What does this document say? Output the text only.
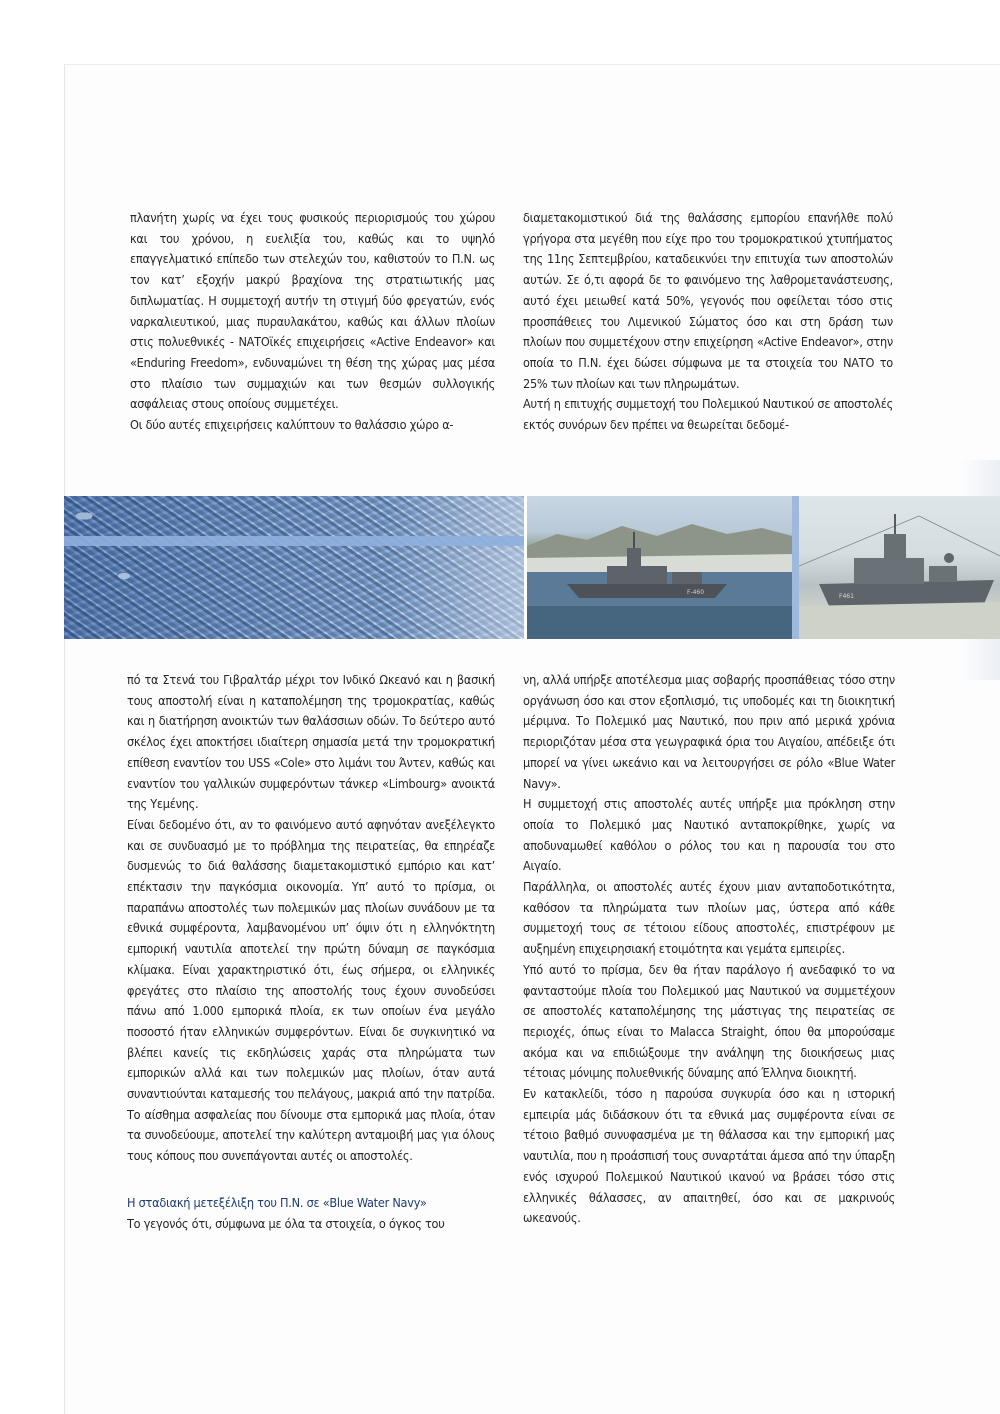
πλανήτη χωρίς να έχει τους φυσικούς περιορισμούς του χώρου και του χρόνου, η ευελιξία του, καθώς και το υψηλό επαγγελματικό επίπεδο των στελεχών του, καθιστούν το Π.Ν. ως τον κατ’ εξοχήν μακρύ βραχίονα της στρατιωτικής μας διπλωματίας. Η συμμετοχή αυτήν τη στιγμή δύο φρεγατών, ενός ναρκαλιευτικού, μιας πυραυλακάτου, καθώς και άλλων πλοίων στις πολυεθνικές - ΝΑΤΟϊκές επιχειρήσεις «Active Endeavor» και «Enduring Freedom», ενδυναμώνει τη θέση της χώρας μας μέσα στο πλαίσιο των συμμαχιών και των θεσμών συλλογικής ασφάλειας στους οποίους συμμετέχει.

Οι δύο αυτές επιχειρήσεις καλύπτουν το θαλάσσιο χώρο α-

διαμετακομιστικού διά της θαλάσσης εμπορίου επανήλθε πολύ γρήγορα στα μεγέθη που είχε προ του τρομοκρατικού χτυπήματος της 11ης Σεπτεμβρίου, καταδεικνύει την επιτυχία των αποστολών αυτών. Σε ό,τι αφορά δε το φαινόμενο της λαθρομετανάστευσης, αυτό έχει μειωθεί κατά 50%, γεγονός που οφείλεται τόσο στις προσπάθειες του Λιμενικού Σώματος όσο και στη δράση των πλοίων που συμμετέχουν στην επιχείρηση «Active Endeavor», στην οποία το Π.Ν. έχει δώσει σύμφωνα με τα στοιχεία του ΝΑΤΟ το 25% των πλοίων και των πληρωμάτων.

Αυτή η επιτυχής συμμετοχή του Πολεμικού Ναυτικού σε αποστολές εκτός συνόρων δεν πρέπει να θεωρείται δεδομέ-

F-460
F461

πό τα Στενά του Γιβραλτάρ μέχρι τον Ινδικό Ωκεανό και η βασική τους αποστολή είναι η καταπολέμηση της τρομοκρατίας, καθώς και η διατήρηση ανοικτών των θαλάσσιων οδών. Το δεύτερο αυτό σκέλος έχει αποκτήσει ιδιαίτερη σημασία μετά την τρομοκρατική επίθεση εναντίον του USS «Cole» στο λιμάνι του Άντεν, καθώς και εναντίον του γαλλικών συμφερόντων τάνκερ «Limbourg» ανοικτά της Υεμένης.

Είναι δεδομένο ότι, αν το φαινόμενο αυτό αφηνόταν ανεξέλεγκτο και σε συνδυασμό με το πρόβλημα της πειρατείας, θα επηρέαζε δυσμενώς το διά θαλάσσης διαμετακομιστικό εμπόριο και κατ’ επέκτασιν την παγκόσμια οικονομία. Υπ’ αυτό το πρίσμα, οι παραπάνω αποστολές των πολεμικών μας πλοίων συνάδουν με τα εθνικά συμφέροντα, λαμβανομένου υπ’ όψιν ότι η ελληνόκτητη εμπορική ναυτιλία αποτελεί την πρώτη δύναμη σε παγκόσμια κλίμακα. Είναι χαρακτηριστικό ότι, έως σήμερα, οι ελληνικές φρεγάτες στο πλαίσιο της αποστολής τους έχουν συνοδεύσει πάνω από 1.000 εμπορικά πλοία, εκ των οποίων ένα μεγάλο ποσοστό ήταν ελληνικών συμφερόντων. Είναι δε συγκινητικό να βλέπει κανείς τις εκδηλώσεις χαράς στα πληρώματα των εμπορικών αλλά και των πολεμικών μας πλοίων, όταν αυτά συναντιούνται καταμεσής του πελάγους, μακριά από την πατρίδα. Το αίσθημα ασφαλείας που δίνουμε στα εμπορικά μας πλοία, όταν τα συνοδεύουμε, αποτελεί την καλύτερη ανταμοιβή μας για όλους τους κόπους που συνεπάγονται αυτές οι αποστολές.

Η σταδιακή μετεξέλιξη του Π.Ν. σε «Blue Water Navy»

Το γεγονός ότι, σύμφωνα με όλα τα στοιχεία, ο όγκος του

νη, αλλά υπήρξε αποτέλεσμα μιας σοβαρής προσπάθειας τόσο στην οργάνωση όσο και στον εξοπλισμό, τις υποδομές και τη διοικητική μέριμνα. Το Πολεμικό μας Ναυτικό, που πριν από μερικά χρόνια περιοριζόταν μέσα στα γεωγραφικά όρια του Αιγαίου, απέδειξε ότι μπορεί να γίνει ωκεάνιο και να λειτουργήσει σε ρόλο «Blue Water Navy».

Η συμμετοχή στις αποστολές αυτές υπήρξε μια πρόκληση στην οποία το Πολεμικό μας Ναυτικό ανταποκρίθηκε, χωρίς να αποδυναμωθεί καθόλου ο ρόλος του και η παρουσία του στο Αιγαίο.

Παράλληλα, οι αποστολές αυτές έχουν μιαν ανταποδοτικότητα, καθόσον τα πληρώματα των πλοίων μας, ύστερα από κάθε συμμετοχή τους σε τέτοιου είδους αποστολές, επιστρέφουν με αυξημένη επιχειρησιακή ετοιμότητα και γεμάτα εμπειρίες.

Υπό αυτό το πρίσμα, δεν θα ήταν παράλογο ή ανεδαφικό το να φανταστούμε πλοία του Πολεμικού μας Ναυτικού να συμμετέχουν σε αποστολές καταπολέμησης της μάστιγας της πειρατείας σε περιοχές, όπως είναι το Malacca Straight, όπου θα μπορούσαμε ακόμα και να επιδιώξουμε την ανάληψη της διοικήσεως μιας τέτοιας μόνιμης πολυεθνικής δύναμης από Έλληνα διοικητή.

Εν κατακλείδι, τόσο η παρούσα συγκυρία όσο και η ιστορική εμπειρία μάς διδάσκουν ότι τα εθνικά μας συμφέροντα είναι σε τέτοιο βαθμό συνυφασμένα με τη θάλασσα και την εμπορική μας ναυτιλία, που η προάσπισή τους συναρτάται άμεσα από την ύπαρξη ενός ισχυρού Πολεμικού Ναυτικού ικανού να βράσει τόσο στις ελληνικές θάλασσες, αν απαιτηθεί, όσο και σε μακρινούς ωκεανούς.
